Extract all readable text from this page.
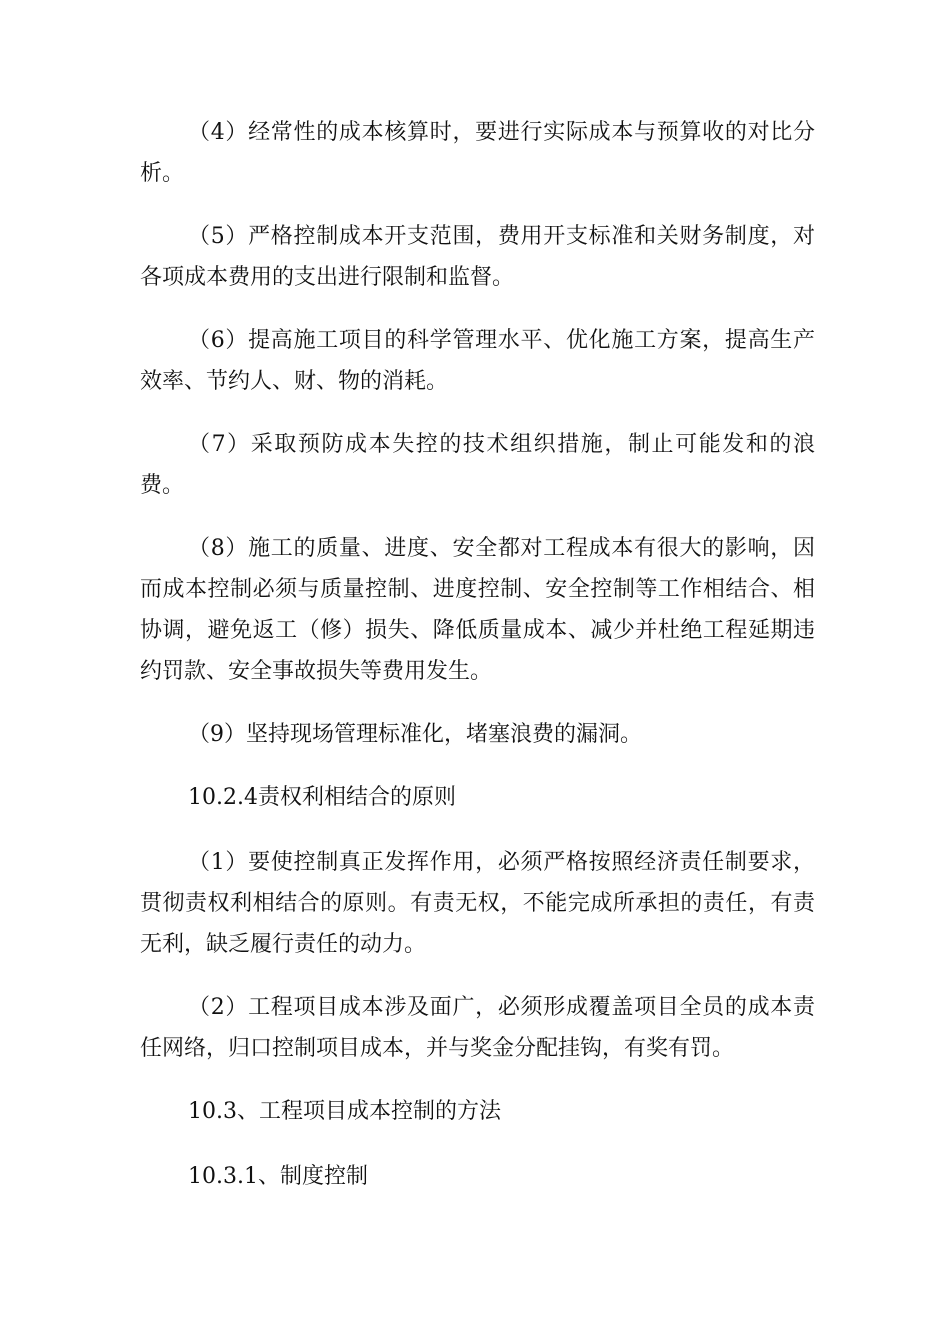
（4）经常性的成本核算时，要进行实际成本与预算收的对比分析。

（5）严格控制成本开支范围，费用开支标准和关财务制度，对各项成本费用的支出进行限制和监督。

（6）提高施工项目的科学管理水平、优化施工方案，提高生产效率、节约人、财、物的消耗。

（7）采取预防成本失控的技术组织措施，制止可能发和的浪费。

（8）施工的质量、进度、安全都对工程成本有很大的影响，因而成本控制必须与质量控制、进度控制、安全控制等工作相结合、相协调，避免返工（修）损失、降低质量成本、减少并杜绝工程延期违约罚款、安全事故损失等费用发生。

（9）坚持现场管理标准化，堵塞浪费的漏洞。

10.2.4责权利相结合的原则

（1）要使控制真正发挥作用，必须严格按照经济责任制要求，贯彻责权利相结合的原则。有责无权，不能完成所承担的责任，有责无利，缺乏履行责任的动力。

（2）工程项目成本涉及面广，必须形成覆盖项目全员的成本责任网络，归口控制项目成本，并与奖金分配挂钩，有奖有罚。

10.3、工程项目成本控制的方法

10.3.1、制度控制
